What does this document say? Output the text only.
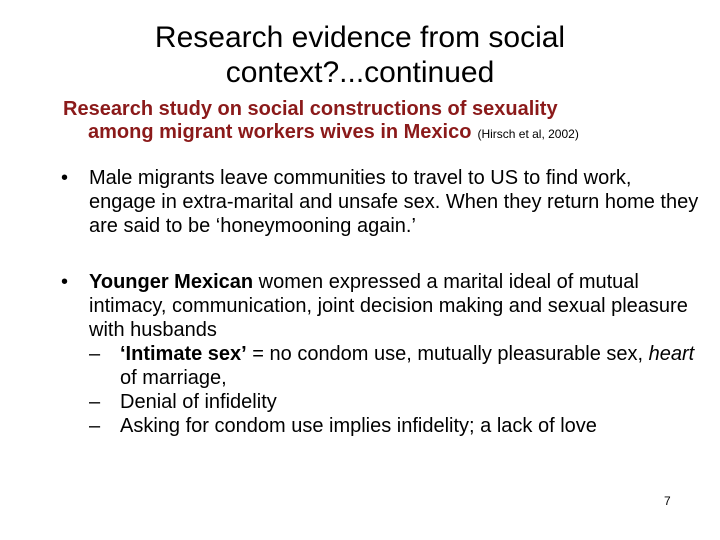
Research evidence from social
context?...continued
Research study on social constructions of sexuality
among migrant workers wives in Mexico (Hirsch et al, 2002)
•	Male migrants leave communities to travel to US to find work, engage in extra-marital and unsafe sex. When they return home they are said to be ‘honeymooning again.’
•	Younger Mexican women expressed a marital ideal of mutual intimacy, communication, joint decision making and sexual pleasure with husbands
– ‘Intimate sex’ = no condom use, mutually pleasurable sex, heart of marriage,
– Denial of infidelity
– Asking for condom use implies infidelity; a lack of love
7
